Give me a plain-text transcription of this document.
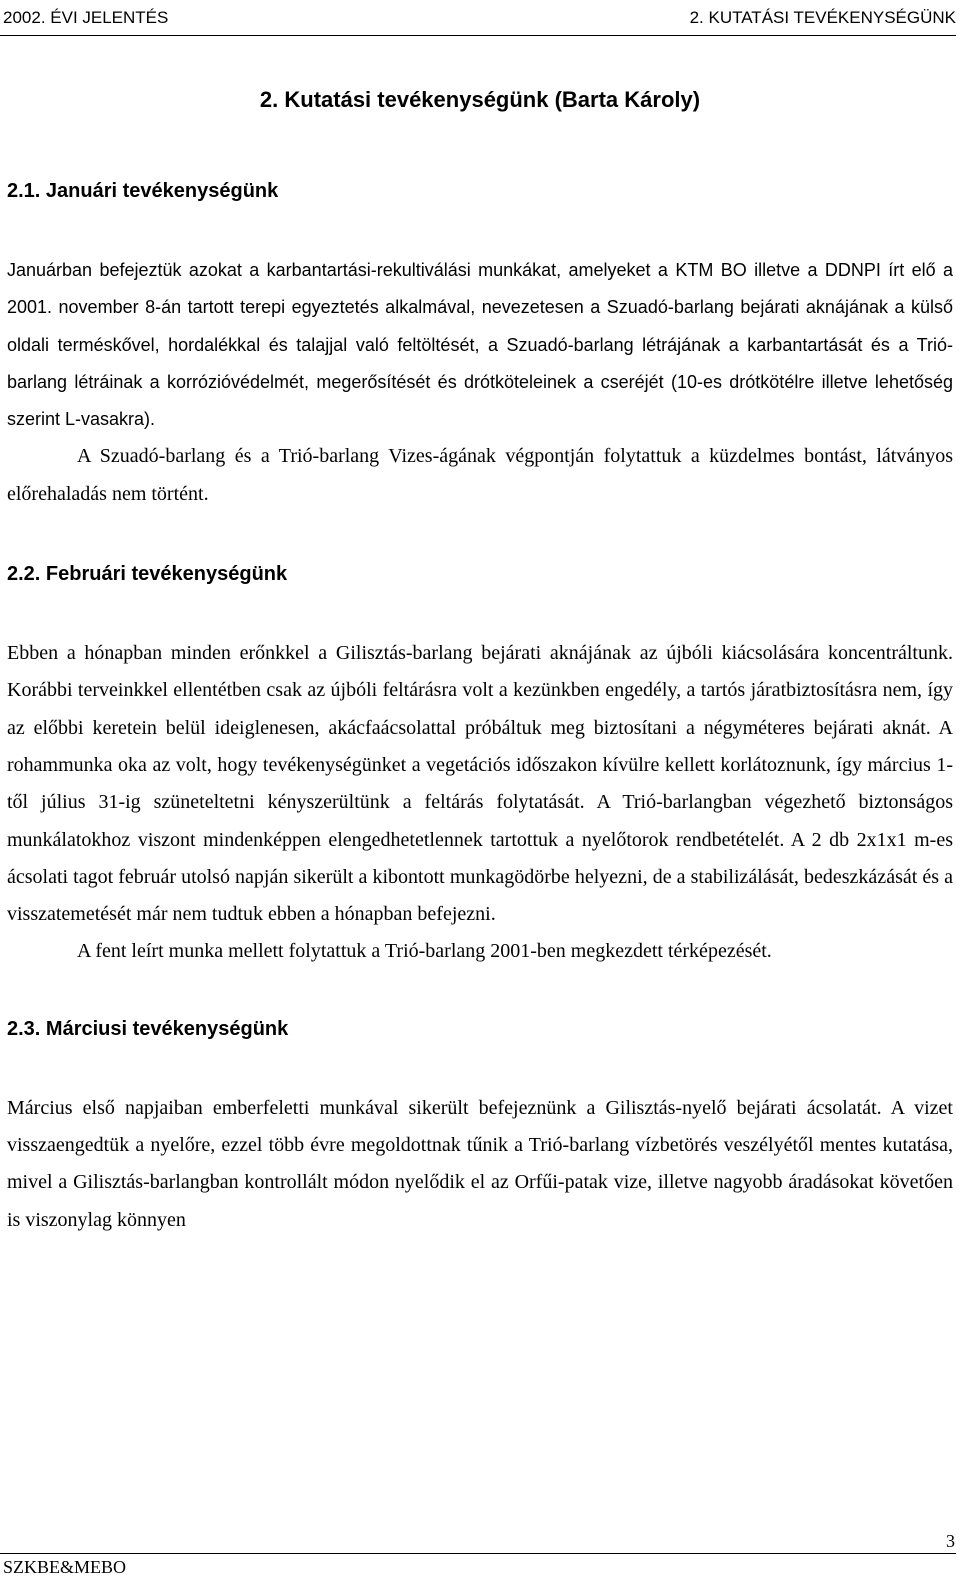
2002. ÉVI JELENTÉS	2. KUTATÁSI TEVÉKENYSÉGÜNK
2. Kutatási tevékenységünk (Barta Károly)
2.1. Januári tevékenységünk

Januárban befejeztük azokat a karbantartási-rekultiválási munkákat, amelyeket a KTM BO illetve a DDNPI írt elő a 2001. november 8-án tartott terepi egyeztetés alkalmával, nevezetesen a Szuadó-barlang bejárati aknájának a külső oldali terméskővel, hordalékkal és talajjal való feltöltését, a Szuadó-barlang létrájának a karbantartását és a Trió-barlang létráinak a korrózióvédelmét, megerősítését és drótköteleinek a cseréjét (10-es drótkötélre illetve lehetőség szerint L-vasakra).

A Szuadó-barlang és a Trió-barlang Vizes-ágának végpontján folytattuk a küzdelmes bontást, látványos előrehaladás nem történt.

2.2. Februári tevékenységünk

Ebben a hónapban minden erőnkkel a Gilisztás-barlang bejárati aknájának az újbóli kiácsolására koncentráltunk. Korábbi terveinkkel ellentétben csak az újbóli feltárásra volt a kezünkben engedély, a tartós járatbiztosításra nem, így az előbbi keretein belül ideiglenesen, akácfaácsolattal próbáltuk meg biztosítani a négyméteres bejárati aknát. A rohammunka oka az volt, hogy tevékenységünket a vegetációs időszakon kívülre kellett korlátoznunk, így március 1-től július 31-ig szüneteltetni kényszerültünk a feltárás folytatását. A Trió-barlangban végezhető biztonságos munkálatokhoz viszont mindenképpen elengedhetetlennek tartottuk a nyelőtorok rendbetételét. A 2 db 2x1x1 m-es ácsolati tagot február utolsó napján sikerült a kibontott munkagödörbe helyezni, de a stabilizálását, bedeszkázását és a visszatemetését már nem tudtuk ebben a hónapban befejezni.

A fent leírt munka mellett folytattuk a Trió-barlang 2001-ben megkezdett térképezését.

2.3. Márciusi tevékenységünk

Március első napjaiban emberfeletti munkával sikerült befejeznünk a Gilisztás-nyelő bejárati ácsolatát. A vizet visszaengedtük a nyelőre, ezzel több évre megoldottnak tűnik a Trió-barlang vízbetörés veszélyétől mentes kutatása, mivel a Gilisztás-barlangban kontrollált módon nyelődik el az Orfűi-patak vize, illetve nagyobb áradásokat követően is viszonylag könnyen

3
SZKBE&MEBO
